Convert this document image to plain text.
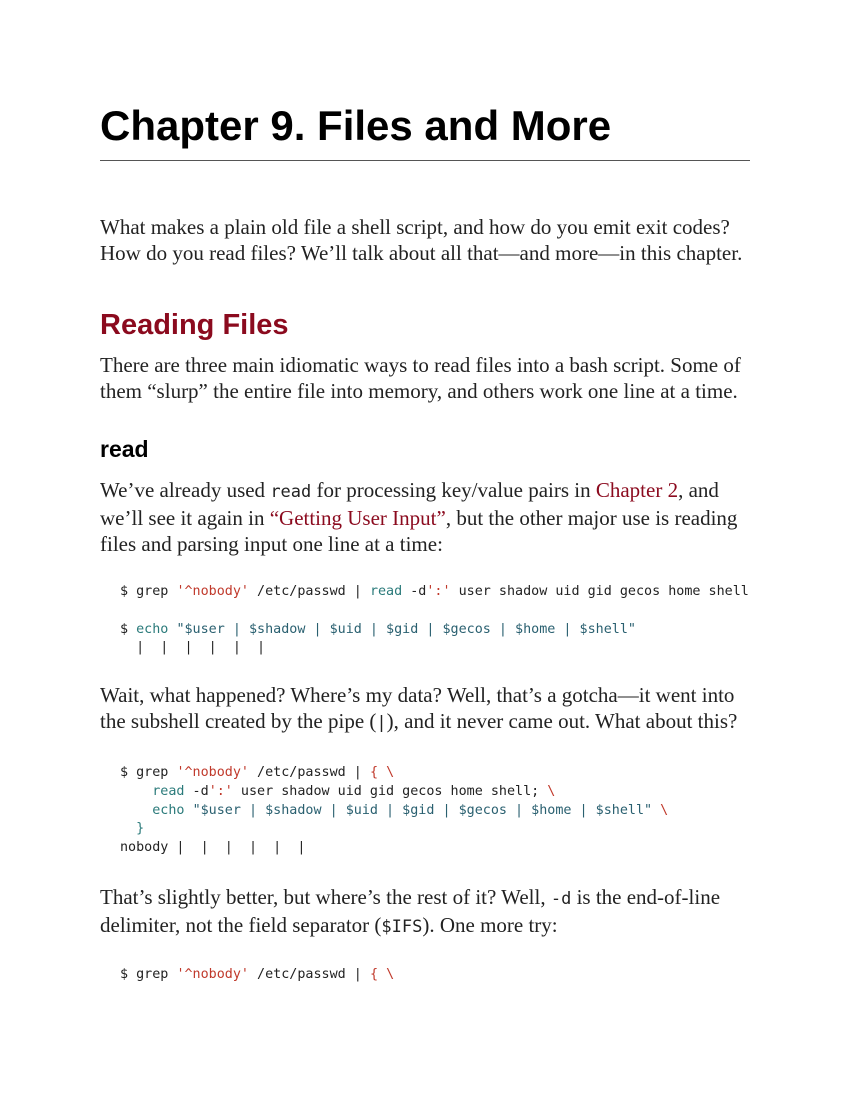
Chapter 9. Files and More

What makes a plain old file a shell script, and how do you emit exit codes? How do you read files? We’ll talk about all that—and more—in this chapter.

Reading Files

There are three main idiomatic ways to read files into a bash script. Some of them “slurp” the entire file into memory, and others work one line at a time.

read
We’ve already used read for processing key/value pairs in Chapter 2, and we’ll see it again in “Getting User Input”, but the other major use is reading files and parsing input one line at a time:
$ grep '^nobody' /etc/passwd | read -d':' user shadow uid gid gecos home shell

$ echo "$user | $shadow | $uid | $gid | $gecos | $home | $shell"
|  |  |  |  |  |
Wait, what happened? Where’s my data? Well, that’s a gotcha—it went into the subshell created by the pipe (|), and it never came out. What about this?
$ grep '^nobody' /etc/passwd | { \
read -d':' user shadow uid gid gecos home shell; \
echo "$user | $shadow | $uid | $gid | $gecos | $home | $shell" \
}
nobody |  |  |  |  |  |
That’s slightly better, but where’s the rest of it? Well, -d is the end-of-line delimiter, not the field separator ($IFS). One more try:
$ grep '^nobody' /etc/passwd | { \
